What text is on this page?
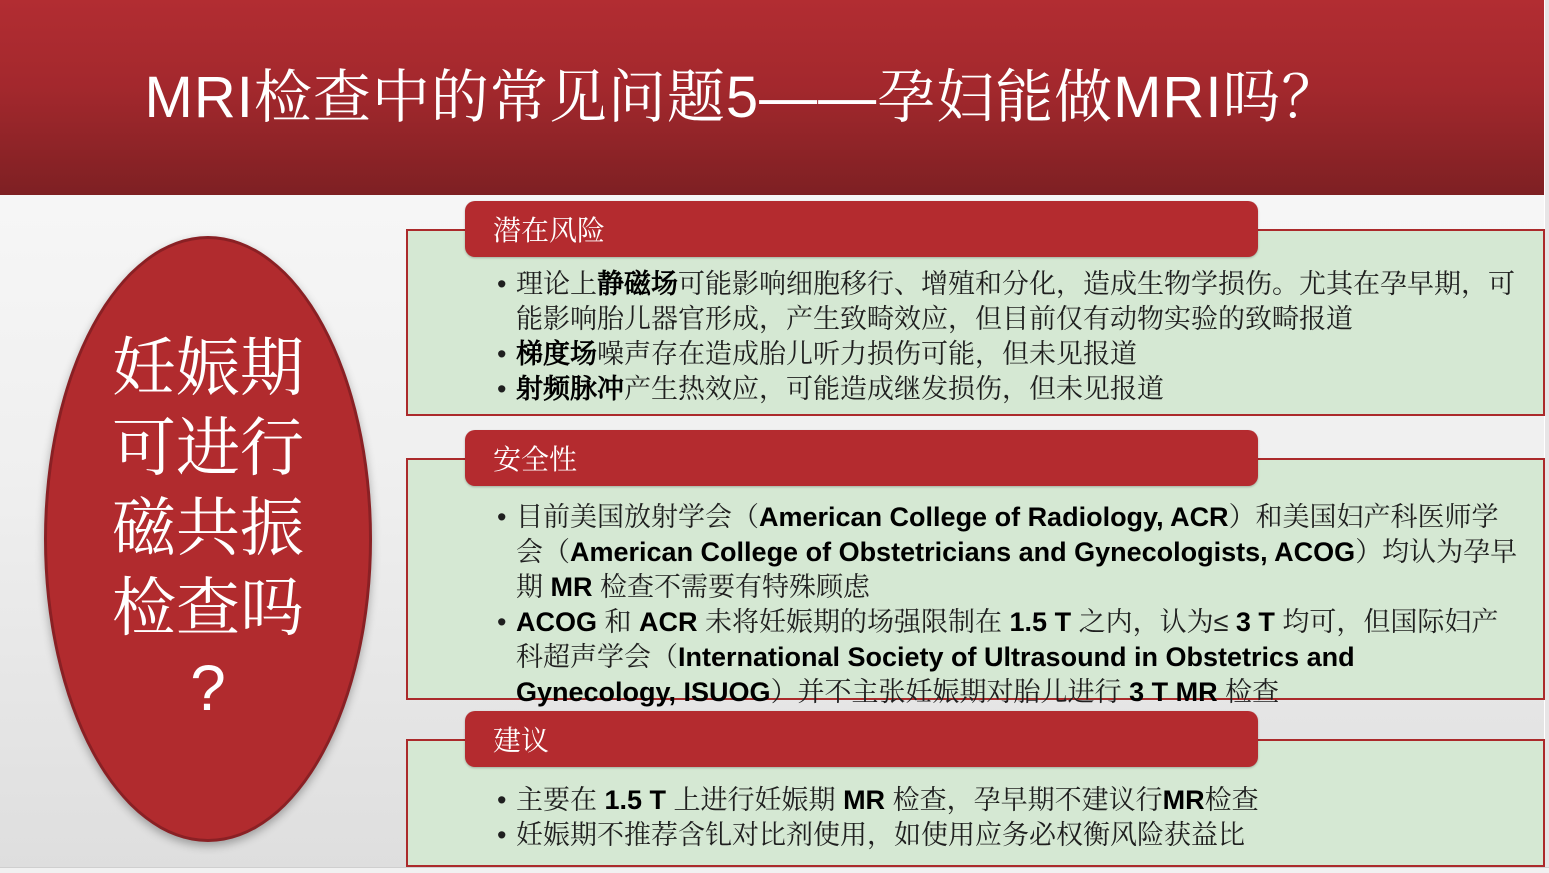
MRI检查中的常见问题5——孕妇能做MRI吗？
妊娠期
可进行
磁共振
检查吗
?
• 理论上静磁场可能影响细胞移行、增殖和分化，造成生物学损伤。尤其在孕早期，可能影响胎儿器官形成，产生致畸效应，但目前仅有动物实验的致畸报道
• 梯度场噪声存在造成胎儿听力损伤可能，但未见报道
• 射频脉冲产生热效应，可能造成继发损伤，但未见报道
潜在风险
• 目前美国放射学会（American College of Radiology, ACR）和美国妇产科医师学会（American College of Obstetricians and Gynecologists, ACOG）均认为孕早期 MR 检查不需要有特殊顾虑
• ACOG 和 ACR 未将妊娠期的场强限制在 1.5 T 之内，认为≤ 3 T 均可，但国际妇产科超声学会（International Society of Ultrasound in Obstetrics and Gynecology, ISUOG）并不主张妊娠期对胎儿进行 3 T MR 检查
安全性
• 主要在 1.5 T 上进行妊娠期 MR 检查，孕早期不建议行MR检查
• 妊娠期不推荐含钆对比剂使用，如使用应务必权衡风险获益比
建议
